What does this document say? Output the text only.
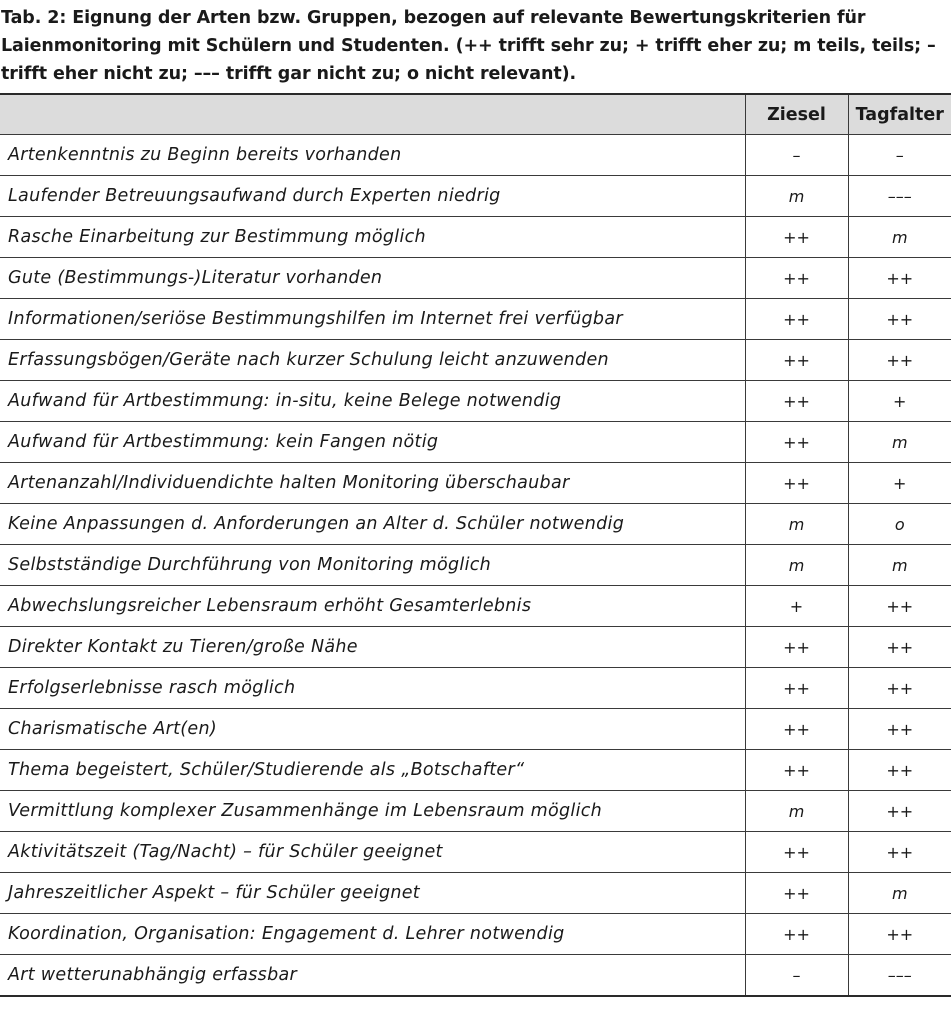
Tab. 2: Eignung der Arten bzw. Gruppen, bezogen auf relevante Bewertungskriterien für Laienmonitoring mit Schülern und Studenten. (++ trifft sehr zu; + trifft eher zu; m teils, teils; – trifft eher nicht zu; ––– trifft gar nicht zu; o nicht relevant).

	Ziesel	Tagfalter
Artenkenntnis zu Beginn bereits vorhanden	–	–
Laufender Betreuungsaufwand durch Experten niedrig	m	–––
Rasche Einarbeitung zur Bestimmung möglich	++	m
Gute (Bestimmungs-)Literatur vorhanden	++	++
Informationen/seriöse Bestimmungshilfen im Internet frei verfügbar	++	++
Erfassungsbögen/Geräte nach kurzer Schulung leicht anzuwenden	++	++
Aufwand für Artbestimmung: in-situ, keine Belege notwendig	++	+
Aufwand für Artbestimmung: kein Fangen nötig	++	m
Artenanzahl/Individuendichte halten Monitoring überschaubar	++	+
Keine Anpassungen d. Anforderungen an Alter d. Schüler notwendig	m	o
Selbstständige Durchführung von Monitoring möglich	m	m
Abwechslungsreicher Lebensraum erhöht Gesamterlebnis	+	++
Direkter Kontakt zu Tieren/große Nähe	++	++
Erfolgserlebnisse rasch möglich	++	++
Charismatische Art(en)	++	++
Thema begeistert, Schüler/Studierende als „Botschafter“	++	++
Vermittlung komplexer Zusammenhänge im Lebensraum möglich	m	++
Aktivitätszeit (Tag/Nacht) – für Schüler geeignet	++	++
Jahreszeitlicher Aspekt – für Schüler geeignet	++	m
Koordination, Organisation: Engagement d. Lehrer notwendig	++	++
Art wetterunabhängig erfassbar	–	–––
